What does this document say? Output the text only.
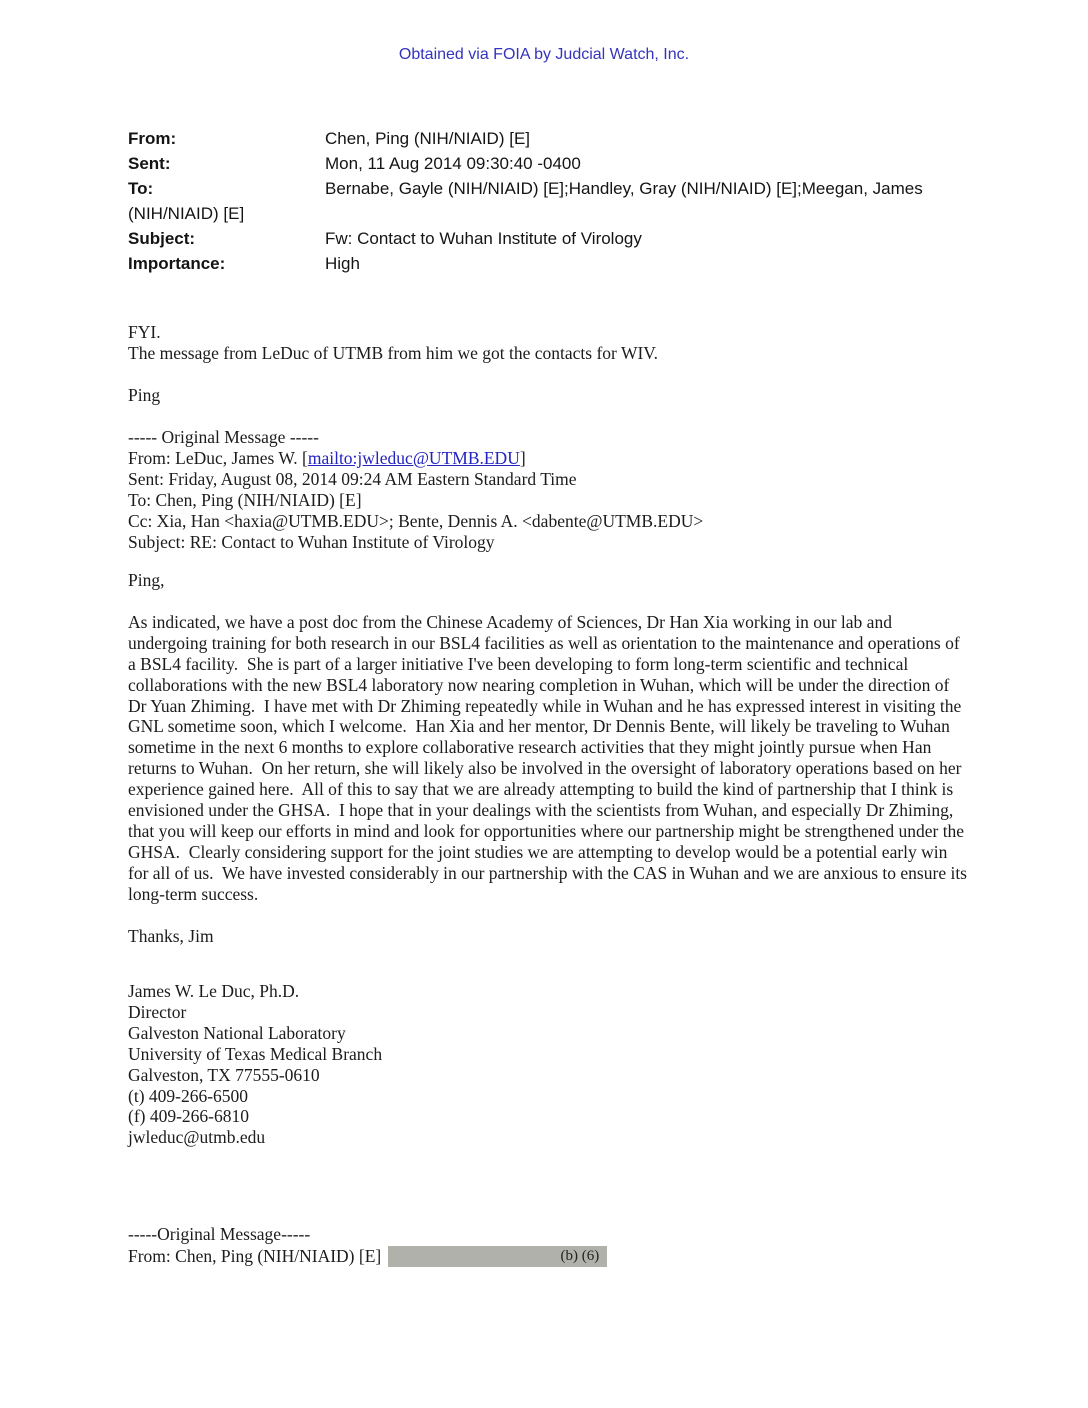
Obtained via FOIA by Judcial Watch, Inc.
From:	Chen, Ping (NIH/NIAID) [E]
Sent:	Mon, 11 Aug 2014 09:30:40 -0400
To:	Bernabe, Gayle (NIH/NIAID) [E];Handley, Gray (NIH/NIAID) [E];Meegan, James
(NIH/NIAID) [E]
Subject:	Fw: Contact to Wuhan Institute of Virology
Importance:	High
FYI.
The message from LeDuc of UTMB from him we got the contacts for WIV.
Ping
----- Original Message -----
From: LeDuc, James W. [mailto:jwleduc@UTMB.EDU]
Sent: Friday, August 08, 2014 09:24 AM Eastern Standard Time
To: Chen, Ping (NIH/NIAID) [E]
Cc: Xia, Han <haxia@UTMB.EDU>; Bente, Dennis A. <dabente@UTMB.EDU>
Subject: RE: Contact to Wuhan Institute of Virology
Ping,
As indicated, we have a post doc from the Chinese Academy of Sciences, Dr Han Xia working in our lab and undergoing training for both research in our BSL4 facilities as well as orientation to the maintenance and operations of a BSL4 facility.  She is part of a larger initiative I've been developing to form long-term scientific and technical collaborations with the new BSL4 laboratory now nearing completion in Wuhan, which will be under the direction of Dr Yuan Zhiming.  I have met with Dr Zhiming repeatedly while in Wuhan and he has expressed interest in visiting the GNL sometime soon, which I welcome.  Han Xia and her mentor, Dr Dennis Bente, will likely be traveling to Wuhan sometime in the next 6 months to explore collaborative research activities that they might jointly pursue when Han returns to Wuhan.  On her return, she will likely also be involved in the oversight of laboratory operations based on her experience gained here.  All of this to say that we are already attempting to build the kind of partnership that I think is envisioned under the GHSA.  I hope that in your dealings with the scientists from Wuhan, and especially Dr Zhiming, that you will keep our efforts in mind and look for opportunities where our partnership might be strengthened under the GHSA.  Clearly considering support for the joint studies we are attempting to develop would be a potential early win for all of us.  We have invested considerably in our partnership with the CAS in Wuhan and we are anxious to ensure its long-term success.
Thanks, Jim
James W. Le Duc, Ph.D.
Director
Galveston National Laboratory
University of Texas Medical Branch
Galveston, TX 77555-0610
(t) 409-266-6500
(f) 409-266-6810
jwleduc@utmb.edu
-----Original Message-----
From: Chen, Ping (NIH/NIAID) [E]	(b) (6)
